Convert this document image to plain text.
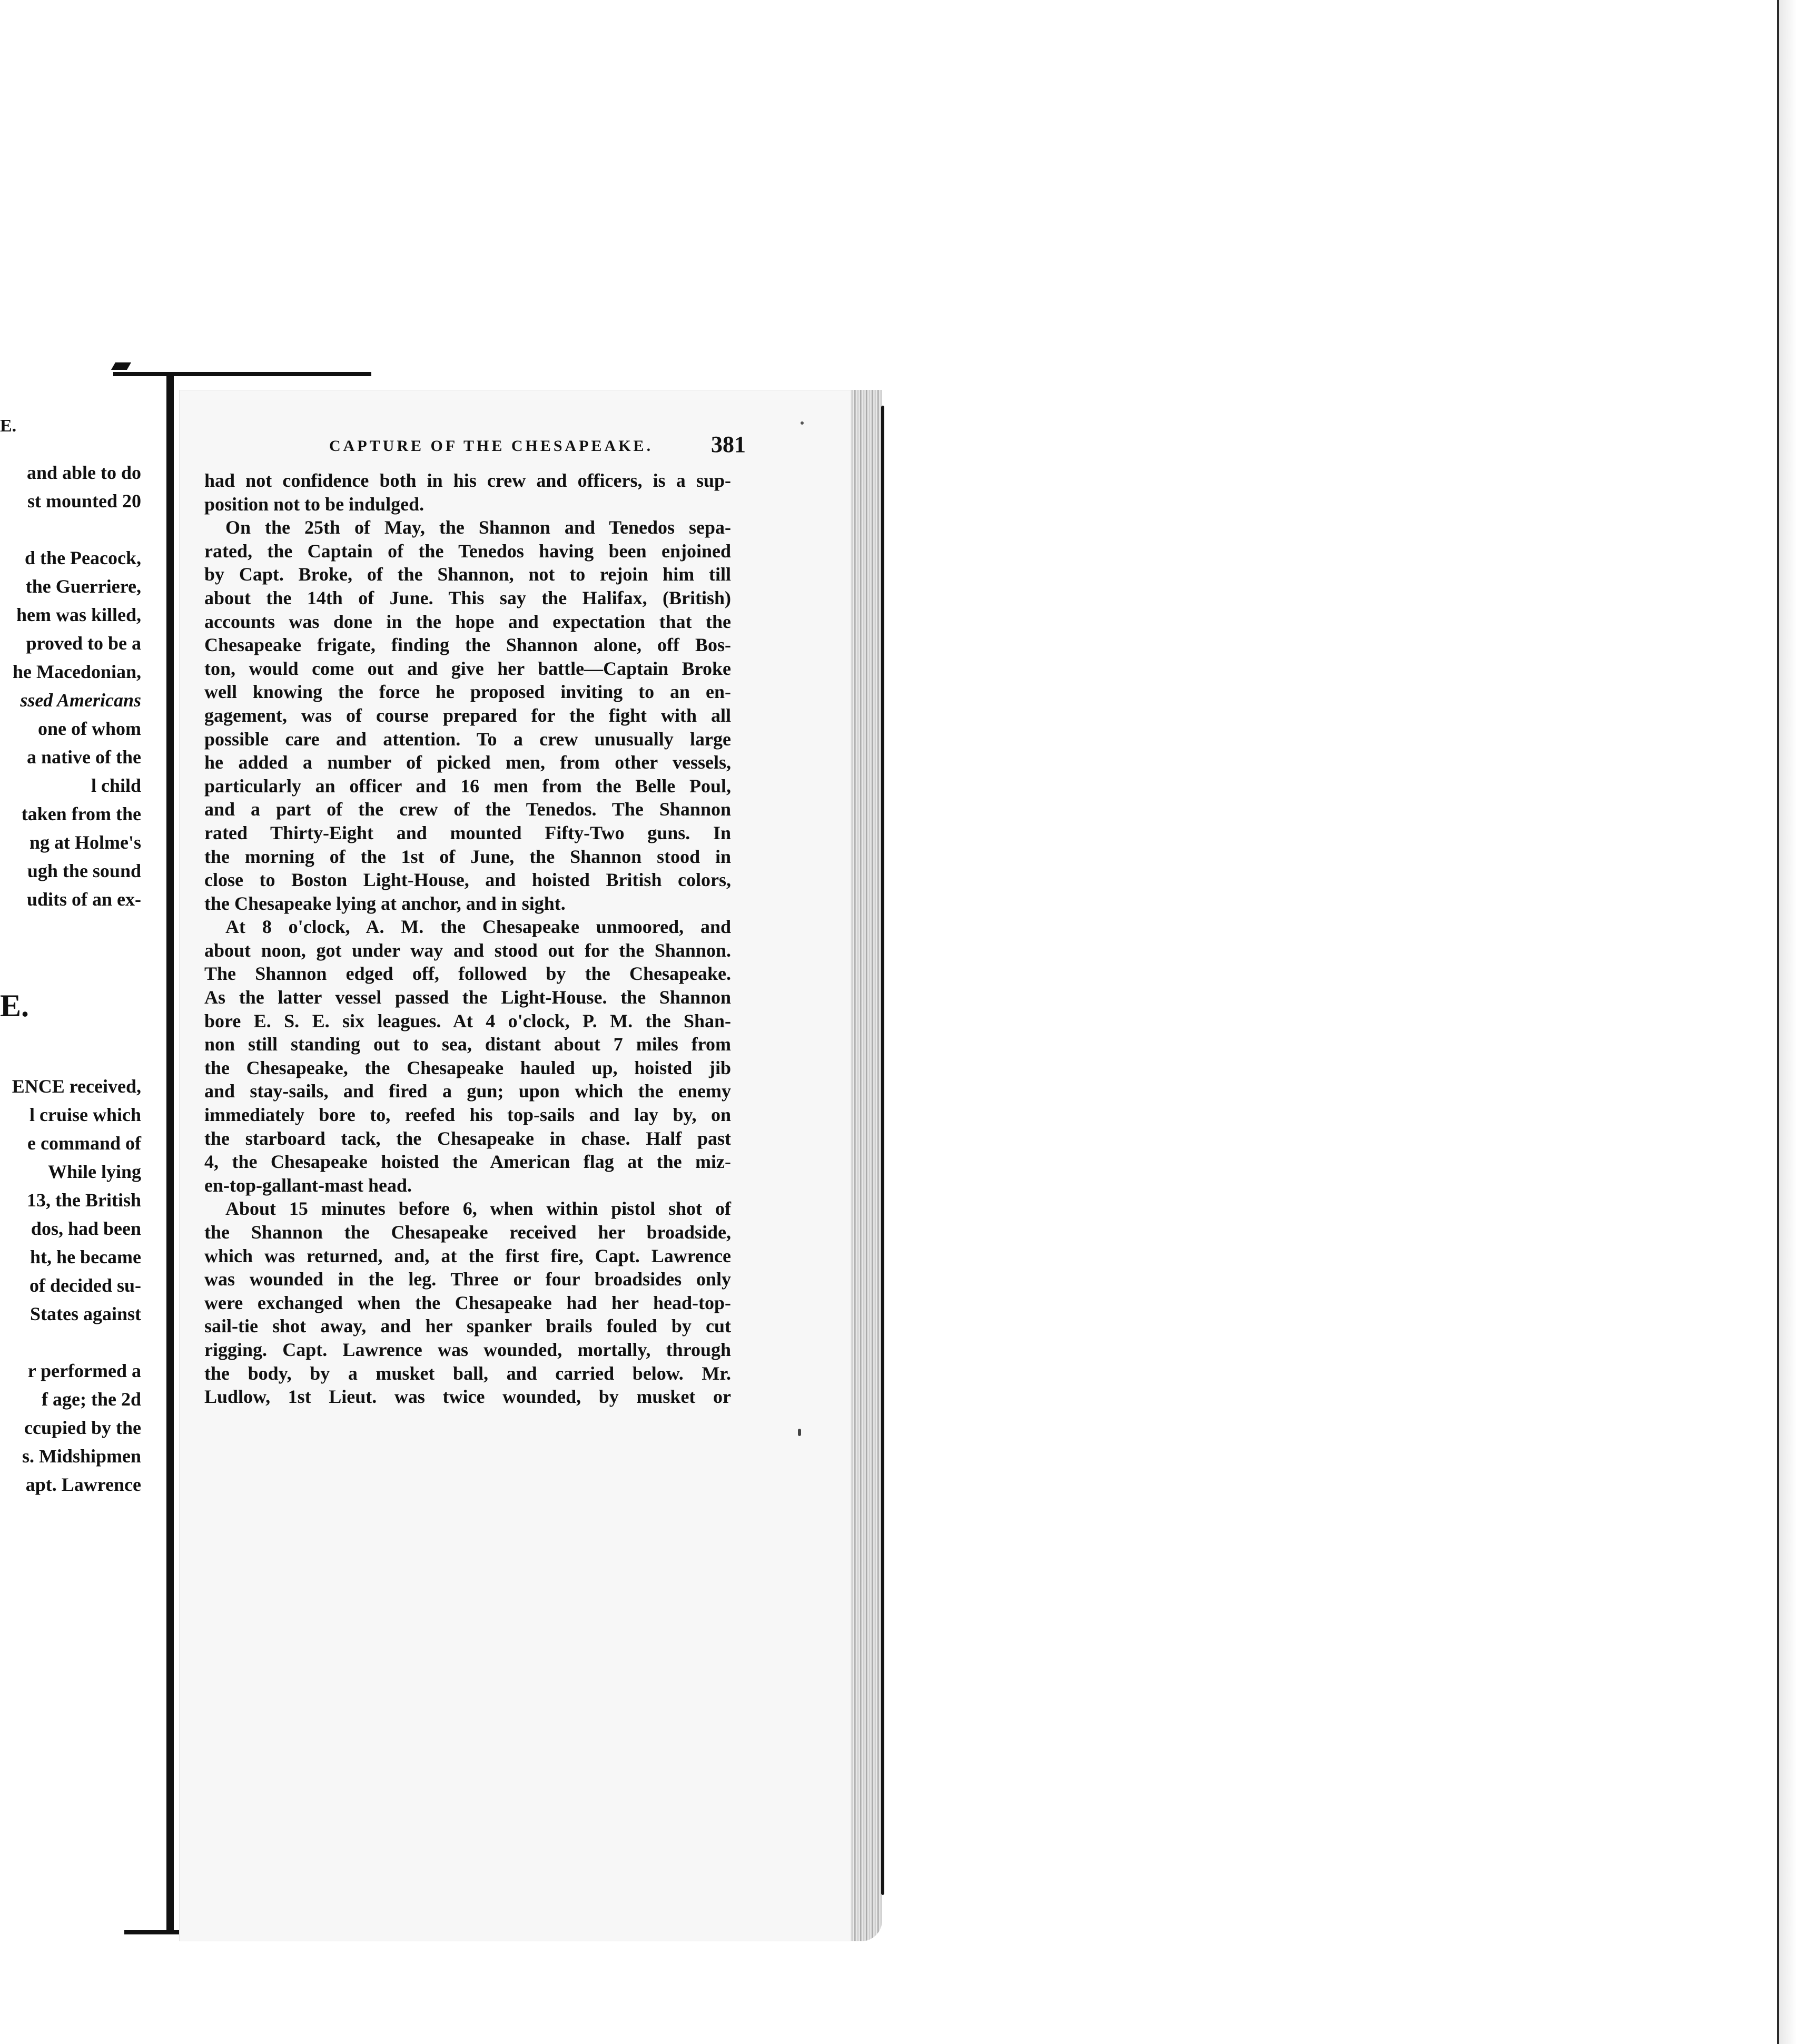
E.
and able to do
st mounted 20

d the Peacock,
the Guerriere,
hem was killed,
proved to be a
he Macedonian,
ssed Americans
one of whom
a native of the
l child
taken from the
ng at Holme's
ugh the sound
udits of an ex-
E.
ENCE received,
l cruise which
e command of
While lying
13, the British
dos, had been
ht, he became
of decided su-
States against

r performed a
f age; the 2d
ccupied by the
s. Midshipmen
apt. Lawrence
CAPTURE OF THE CHESAPEAKE.	381
had not confidence both in his crew and officers, is a sup-
position not to be indulged.
On the 25th of May, the Shannon and Tenedos sepa-
rated, the Captain of the Tenedos having been enjoined
by Capt. Broke, of the Shannon, not to rejoin him till
about the 14th of June. This say the Halifax, (British)
accounts was done in the hope and expectation that the
Chesapeake frigate, finding the Shannon alone, off Bos-
ton, would come out and give her battle—Captain Broke
well knowing the force he proposed inviting to an en-
gagement, was of course prepared for the fight with all
possible care and attention. To a crew unusually large
he added a number of picked men, from other vessels,
particularly an officer and 16 men from the Belle Poul,
and a part of the crew of the Tenedos. The Shannon
rated Thirty-Eight and mounted Fifty-Two guns. In
the morning of the 1st of June, the Shannon stood in
close to Boston Light-House, and hoisted British colors,
the Chesapeake lying at anchor, and in sight.
At 8 o'clock, A. M. the Chesapeake unmoored, and
about noon, got under way and stood out for the Shannon.
The Shannon edged off, followed by the Chesapeake.
As the latter vessel passed the Light-House. the Shannon
bore E. S. E. six leagues. At 4 o'clock, P. M. the Shan-
non still standing out to sea, distant about 7 miles from
the Chesapeake, the Chesapeake hauled up, hoisted jib
and stay-sails, and fired a gun; upon which the enemy
immediately bore to, reefed his top-sails and lay by, on
the starboard tack, the Chesapeake in chase. Half past
4, the Chesapeake hoisted the American flag at the miz-
en-top-gallant-mast head.
About 15 minutes before 6, when within pistol shot of
the Shannon the Chesapeake received her broadside,
which was returned, and, at the first fire, Capt. Lawrence
was wounded in the leg. Three or four broadsides only
were exchanged when the Chesapeake had her head-top-
sail-tie shot away, and her spanker brails fouled by cut
rigging. Capt. Lawrence was wounded, mortally, through
the body, by a musket ball, and carried below. Mr.
Ludlow, 1st Lieut. was twice wounded, by musket or
